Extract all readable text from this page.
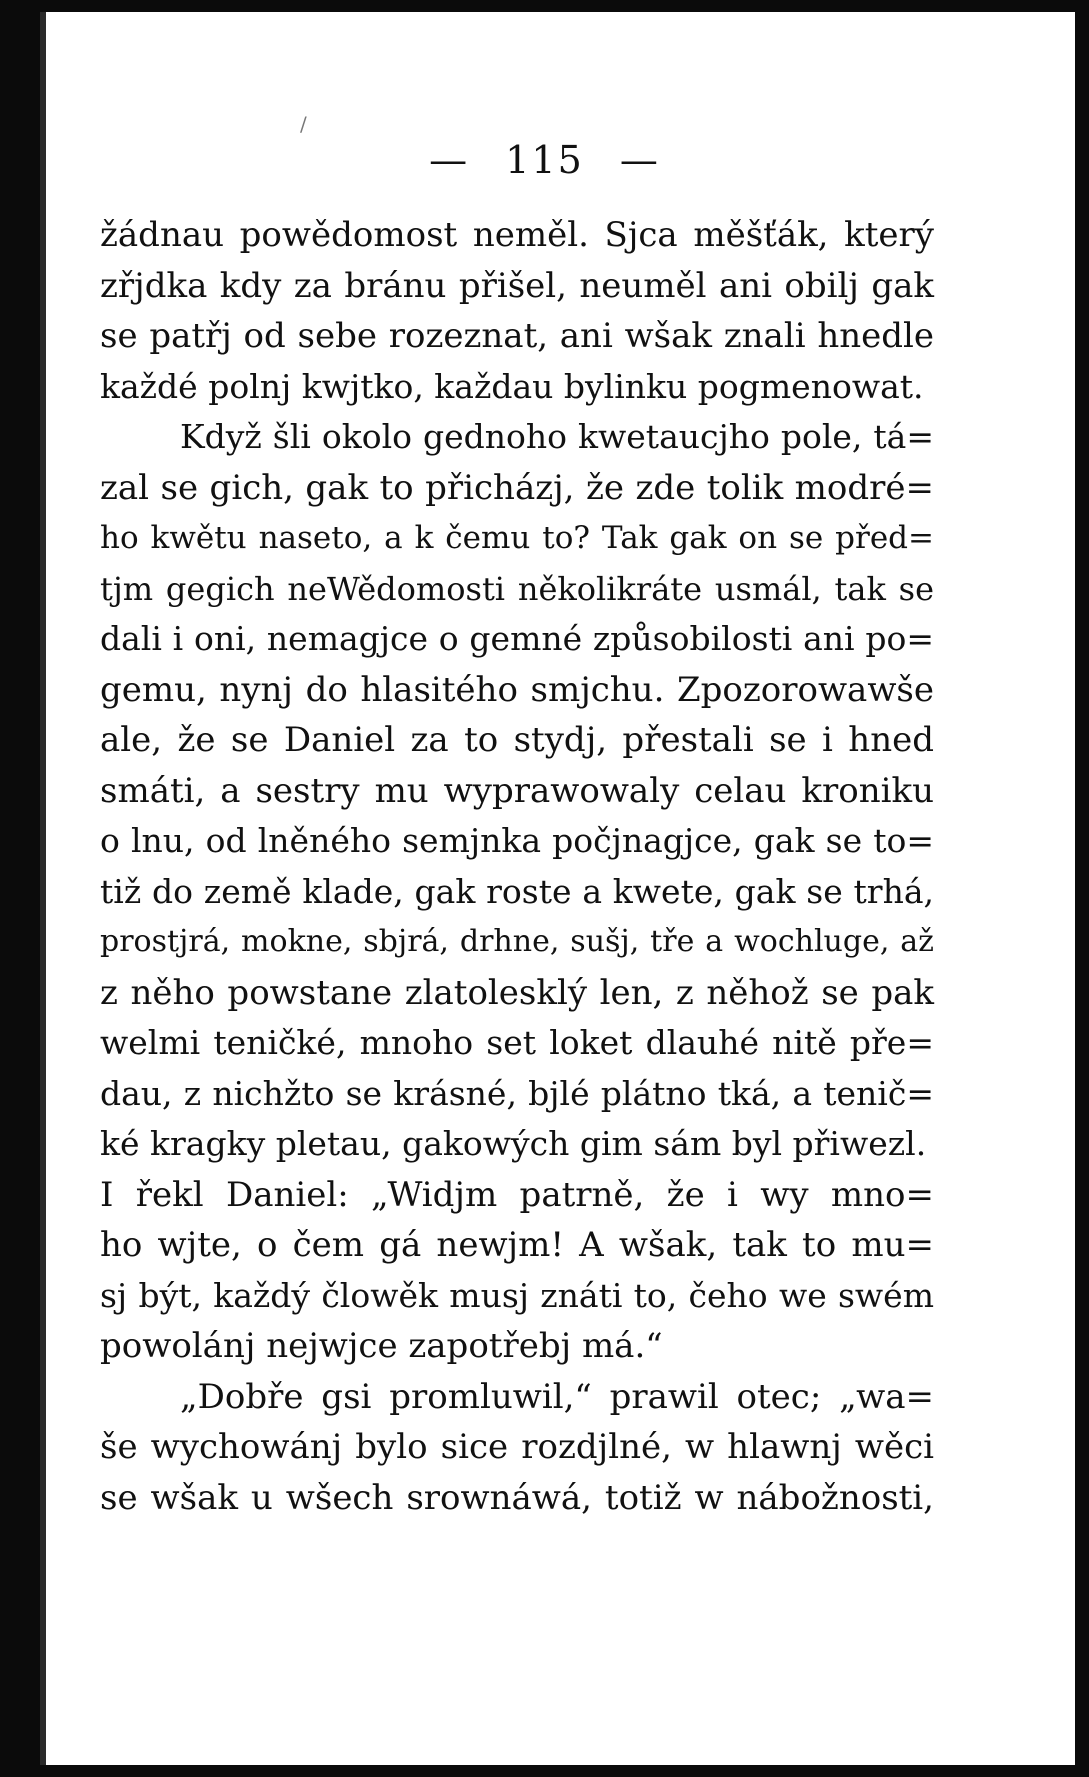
/
— 115 —
žádnau powědomost neměl. Sjca měšťák, který
zřjdka kdy za bránu přišel, neuměl ani obilj gak
se patřj od sebe rozeznat, ani wšak znali hnedle
každé polnj kwjtko, každau bylinku pogmenowat.
Když šli okolo gednoho kwetaucjho pole, tá=
zal se gich, gak to přicházj, že zde tolik modré=
ho kwětu naseto, a k čemu to? Tak gak on se před=
tjm gegich neWědomosti několikráte usmál, tak se
dali i oni, nemagjce o gemné způsobilosti ani po=
gemu, nynj do hlasitého smjchu. Zpozorowawše
ale, že se Daniel za to stydj, přestali se i hned
smáti, a sestry mu wyprawowaly celau kroniku
o lnu, od lněného semjnka počjnagjce, gak se to=
tiž do země klade, gak roste a kwete, gak se trhá,
prostjrá, mokne, sbjrá, drhne, sušj, tře a wochluge, až
z něho powstane zlatolesklý len, z něhož se pak
welmi teničké, mnoho set loket dlauhé nitě pře=
dau, z nichžto se krásné, bjlé plátno tká, a tenič=
ké kragky pletau, gakowých gim sám byl přiwezl.
I řekl Daniel: „Widjm patrně, že i wy mno=
ho wjte, o čem gá newjm! A wšak, tak to mu=
sj být, každý člowěk musj znáti to, čeho we swém
powolánj nejwjce zapotřebj má.“
„Dobře gsi promluwil,“ prawil otec; „wa=
še wychowánj bylo sice rozdjlné, w hlawnj wěci
se wšak u wšech srownáwá, totiž w nábožnosti,
